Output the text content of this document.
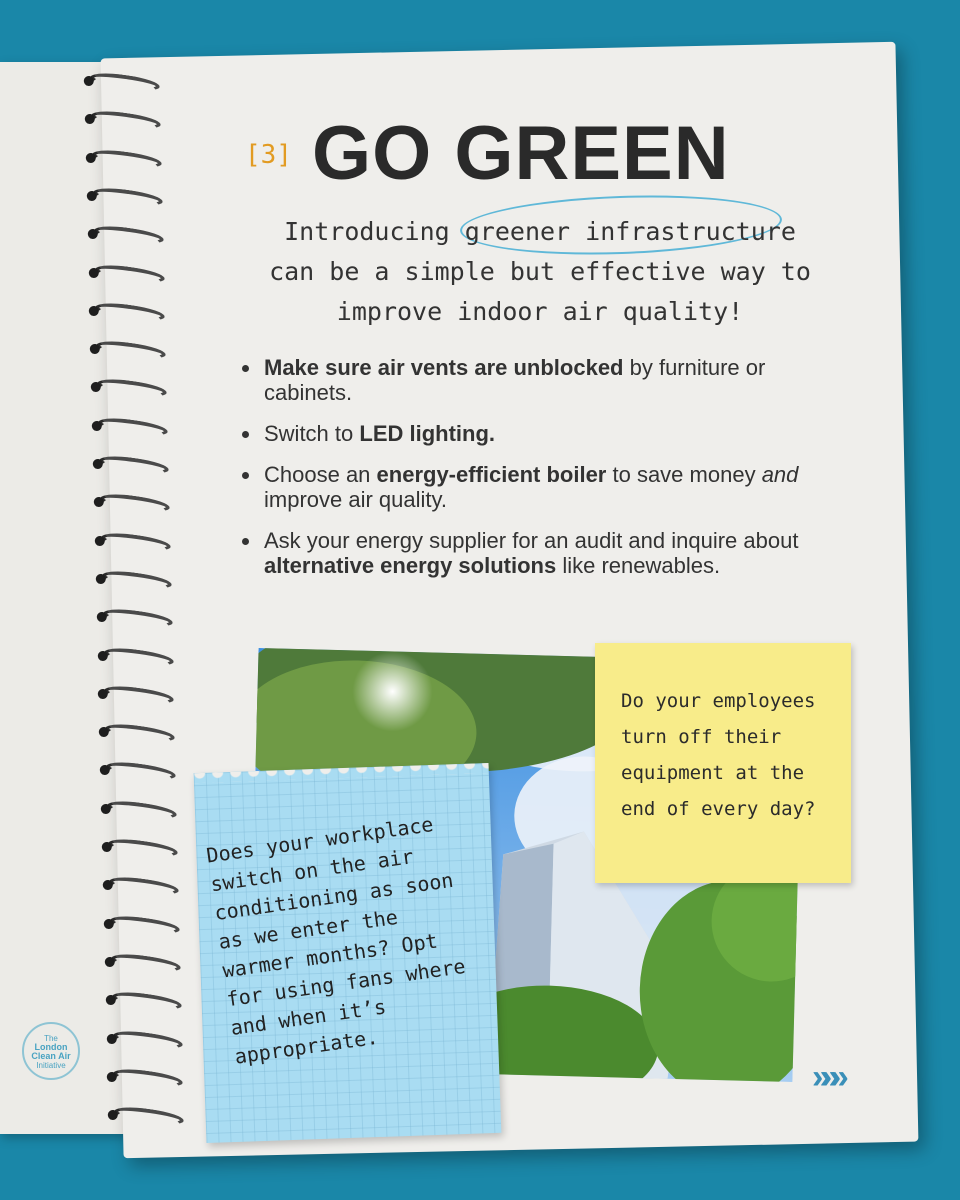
[3] GO GREEN
Introducing greener infrastructure
can be a simple but effective way to
improve indoor air quality!
Make sure air vents are unblocked by furniture or cabinets.
Switch to LED lighting.
Choose an energy-efficient boiler to save money and improve air quality.
Ask your energy supplier for an audit and inquire about alternative energy solutions like renewables.
Do your employees turn off their equipment at the end of every day?
Does your workplace switch on the air conditioning as soon as we enter the warmer months? Opt for using fans where and when it’s appropriate.
The

London
Clean Air
Initiative	»»»
